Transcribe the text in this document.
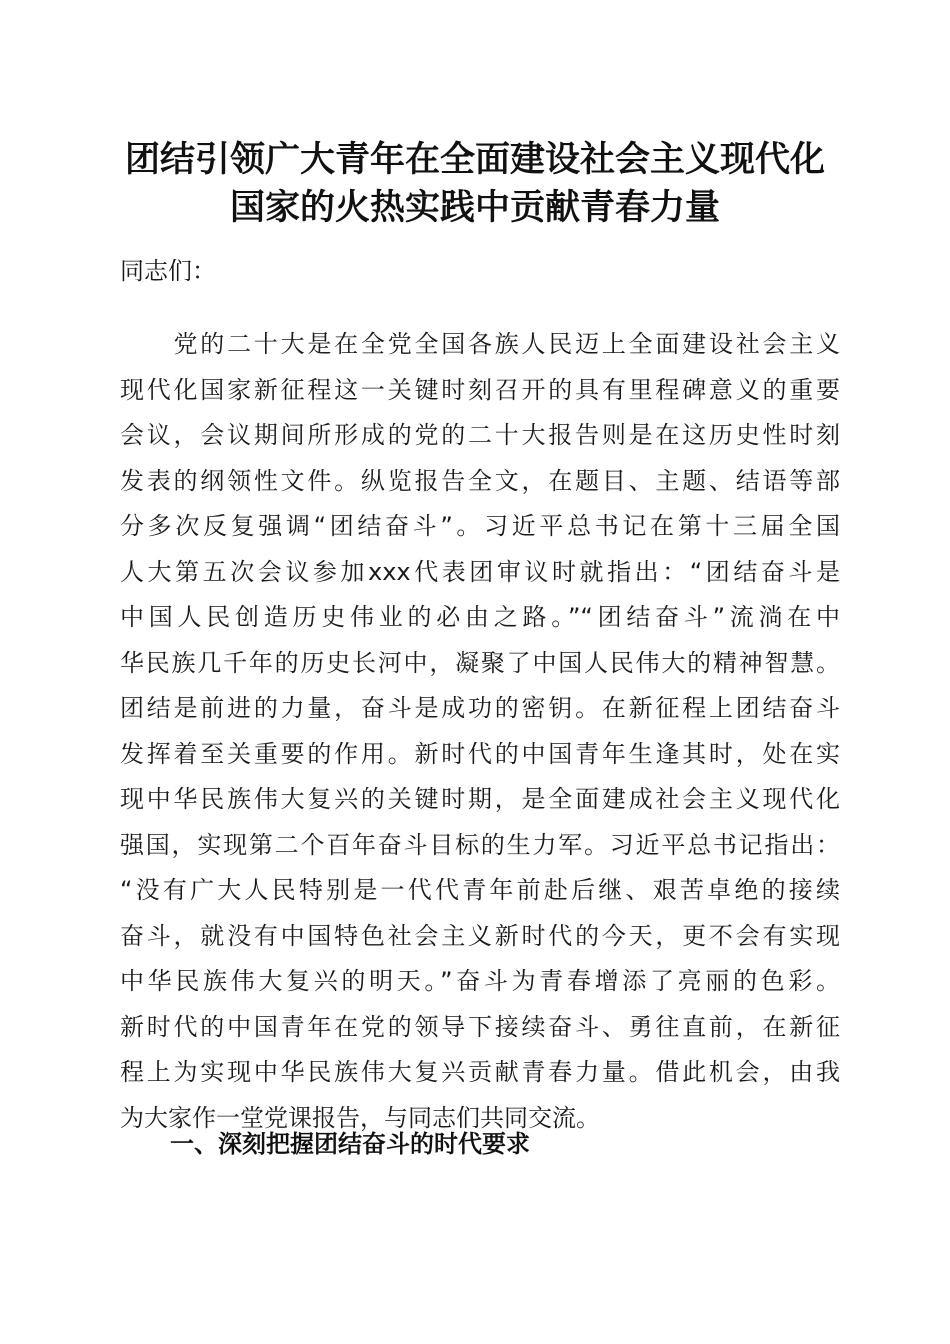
团结引领广大青年在全面建设社会主义现代化
国家的火热实践中贡献青春力量
同志们：
　　党的二十大是在全党全国各族人民迈上全面建设社会主义
现代化国家新征程这一关键时刻召开的具有里程碑意义的重要
会议，会议期间所形成的党的二十大报告则是在这历史性时刻
发表的纲领性文件。纵览报告全文，在题目、主题、结语等部
分多次反复强调“团结奋斗”。习近平总书记在第十三届全国
人大第五次会议参加xxx代表团审议时就指出：“团结奋斗是
中国人民创造历史伟业的必由之路。”“团结奋斗”流淌在中
华民族几千年的历史长河中，凝聚了中国人民伟大的精神智慧。
团结是前进的力量，奋斗是成功的密钥。在新征程上团结奋斗
发挥着至关重要的作用。新时代的中国青年生逢其时，处在实
现中华民族伟大复兴的关键时期，是全面建成社会主义现代化
强国，实现第二个百年奋斗目标的生力军。习近平总书记指出：
“没有广大人民特别是一代代青年前赴后继、艰苦卓绝的接续
奋斗，就没有中国特色社会主义新时代的今天，更不会有实现
中华民族伟大复兴的明天。”奋斗为青春增添了亮丽的色彩。
新时代的中国青年在党的领导下接续奋斗、勇往直前，在新征
程上为实现中华民族伟大复兴贡献青春力量。借此机会，由我
为大家作一堂党课报告，与同志们共同交流。
一、深刻把握团结奋斗的时代要求
